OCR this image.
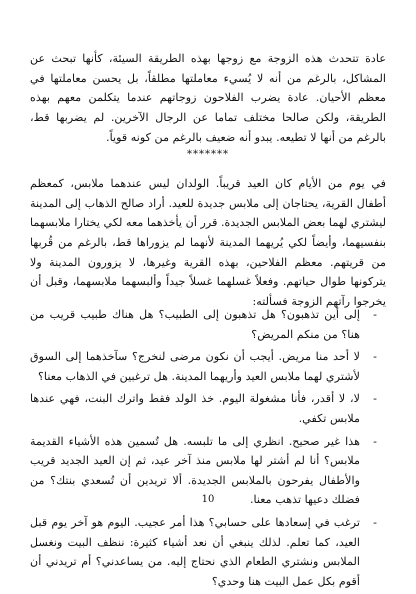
عادة تتحدث هذه الزوجة مع زوجها بهذه الطريقة السيئة، كأنها تبحث عن المشاكل، بالرغم من أنه لا يُسيء معاملتها مطلقاً، بل يحسن معاملتها في معظم الأحيان. عادة يضرب الفلاحون زوجاتهم عندما يتكلمن معهم بهذه الطريقة، ولكن صالحا مختلف تماما عن الرجال الآخرين. لم يضربها قط، بالرغم من أنها لا تطيعه. يبدو أنه ضعيف بالرغم من كونه قوياً.

*******

في يوم من الأيام كان العيد قريباً. الولدان ليس عندهما ملابس، كمعظم أطفال القرية، يحتاجان إلى ملابس جديدة للعيد. أراد صالح الذهاب إلى المدينة ليشتري لهما بعض الملابس الجديدة. قرر أن يأخذهما معه لكي يختارا ملابسهما بنفسيهما، وأيضاً لكي يُريهما المدينة لأنهما لم يزوراها قط، بالرغم من قُربها من قريتهم. معظم الفلاحين، بهذه القرية وغيرها، لا يزورون المدينة ولا يتركونها طوال حياتهم. وفعلاً غسلهما غسلاً جيداً وألبسهما ملابسهما، وقبل أن يخرجوا رآتهم الزوجة فسألته:

-
إلى أين تذهبون؟ هل تذهبون إلى الطبيب؟ هل هناك طبيب قريب من هنا؟ من منكم المريض؟
-
لا أحد منا مريض. أيجب أن نكون مرضى لنخرج؟ سآخذهما إلى السوق لأشتري لهما ملابس العيد وأريهما المدينة. هل ترغبين في الذهاب معنا؟
-
لا، لا أقدر، فأنا مشغولة اليوم. خذ الولد فقط واترك البنت، فهي عندها ملابس تكفي.
-
هذا غير صحيح. انظري إلى ما تلبسه. هل تُسمين هذه الأشياء القديمة ملابس؟ أنا لم أشتر لها ملابس منذ آخر عيد، ثم إن العيد الجديد قريب والأطفال يفرحون بالملابس الجديدة. ألا تريدين أن تُسعدي بنتك؟ من فضلك دعيها تذهب معنا.
-
ترغب في إسعادها على حسابي؟ هذا أمر عجيب. اليوم هو آخر يوم قبل العيد، كما تعلم. لذلك ينبغي أن نعد أشياء كثيرة: ننظف البيت ونغسل الملابس ونشتري الطعام الذي نحتاج إليه. من يساعدني؟ أم تريدني أن أقوم بكل عمل البيت هنا وحدي؟
10
